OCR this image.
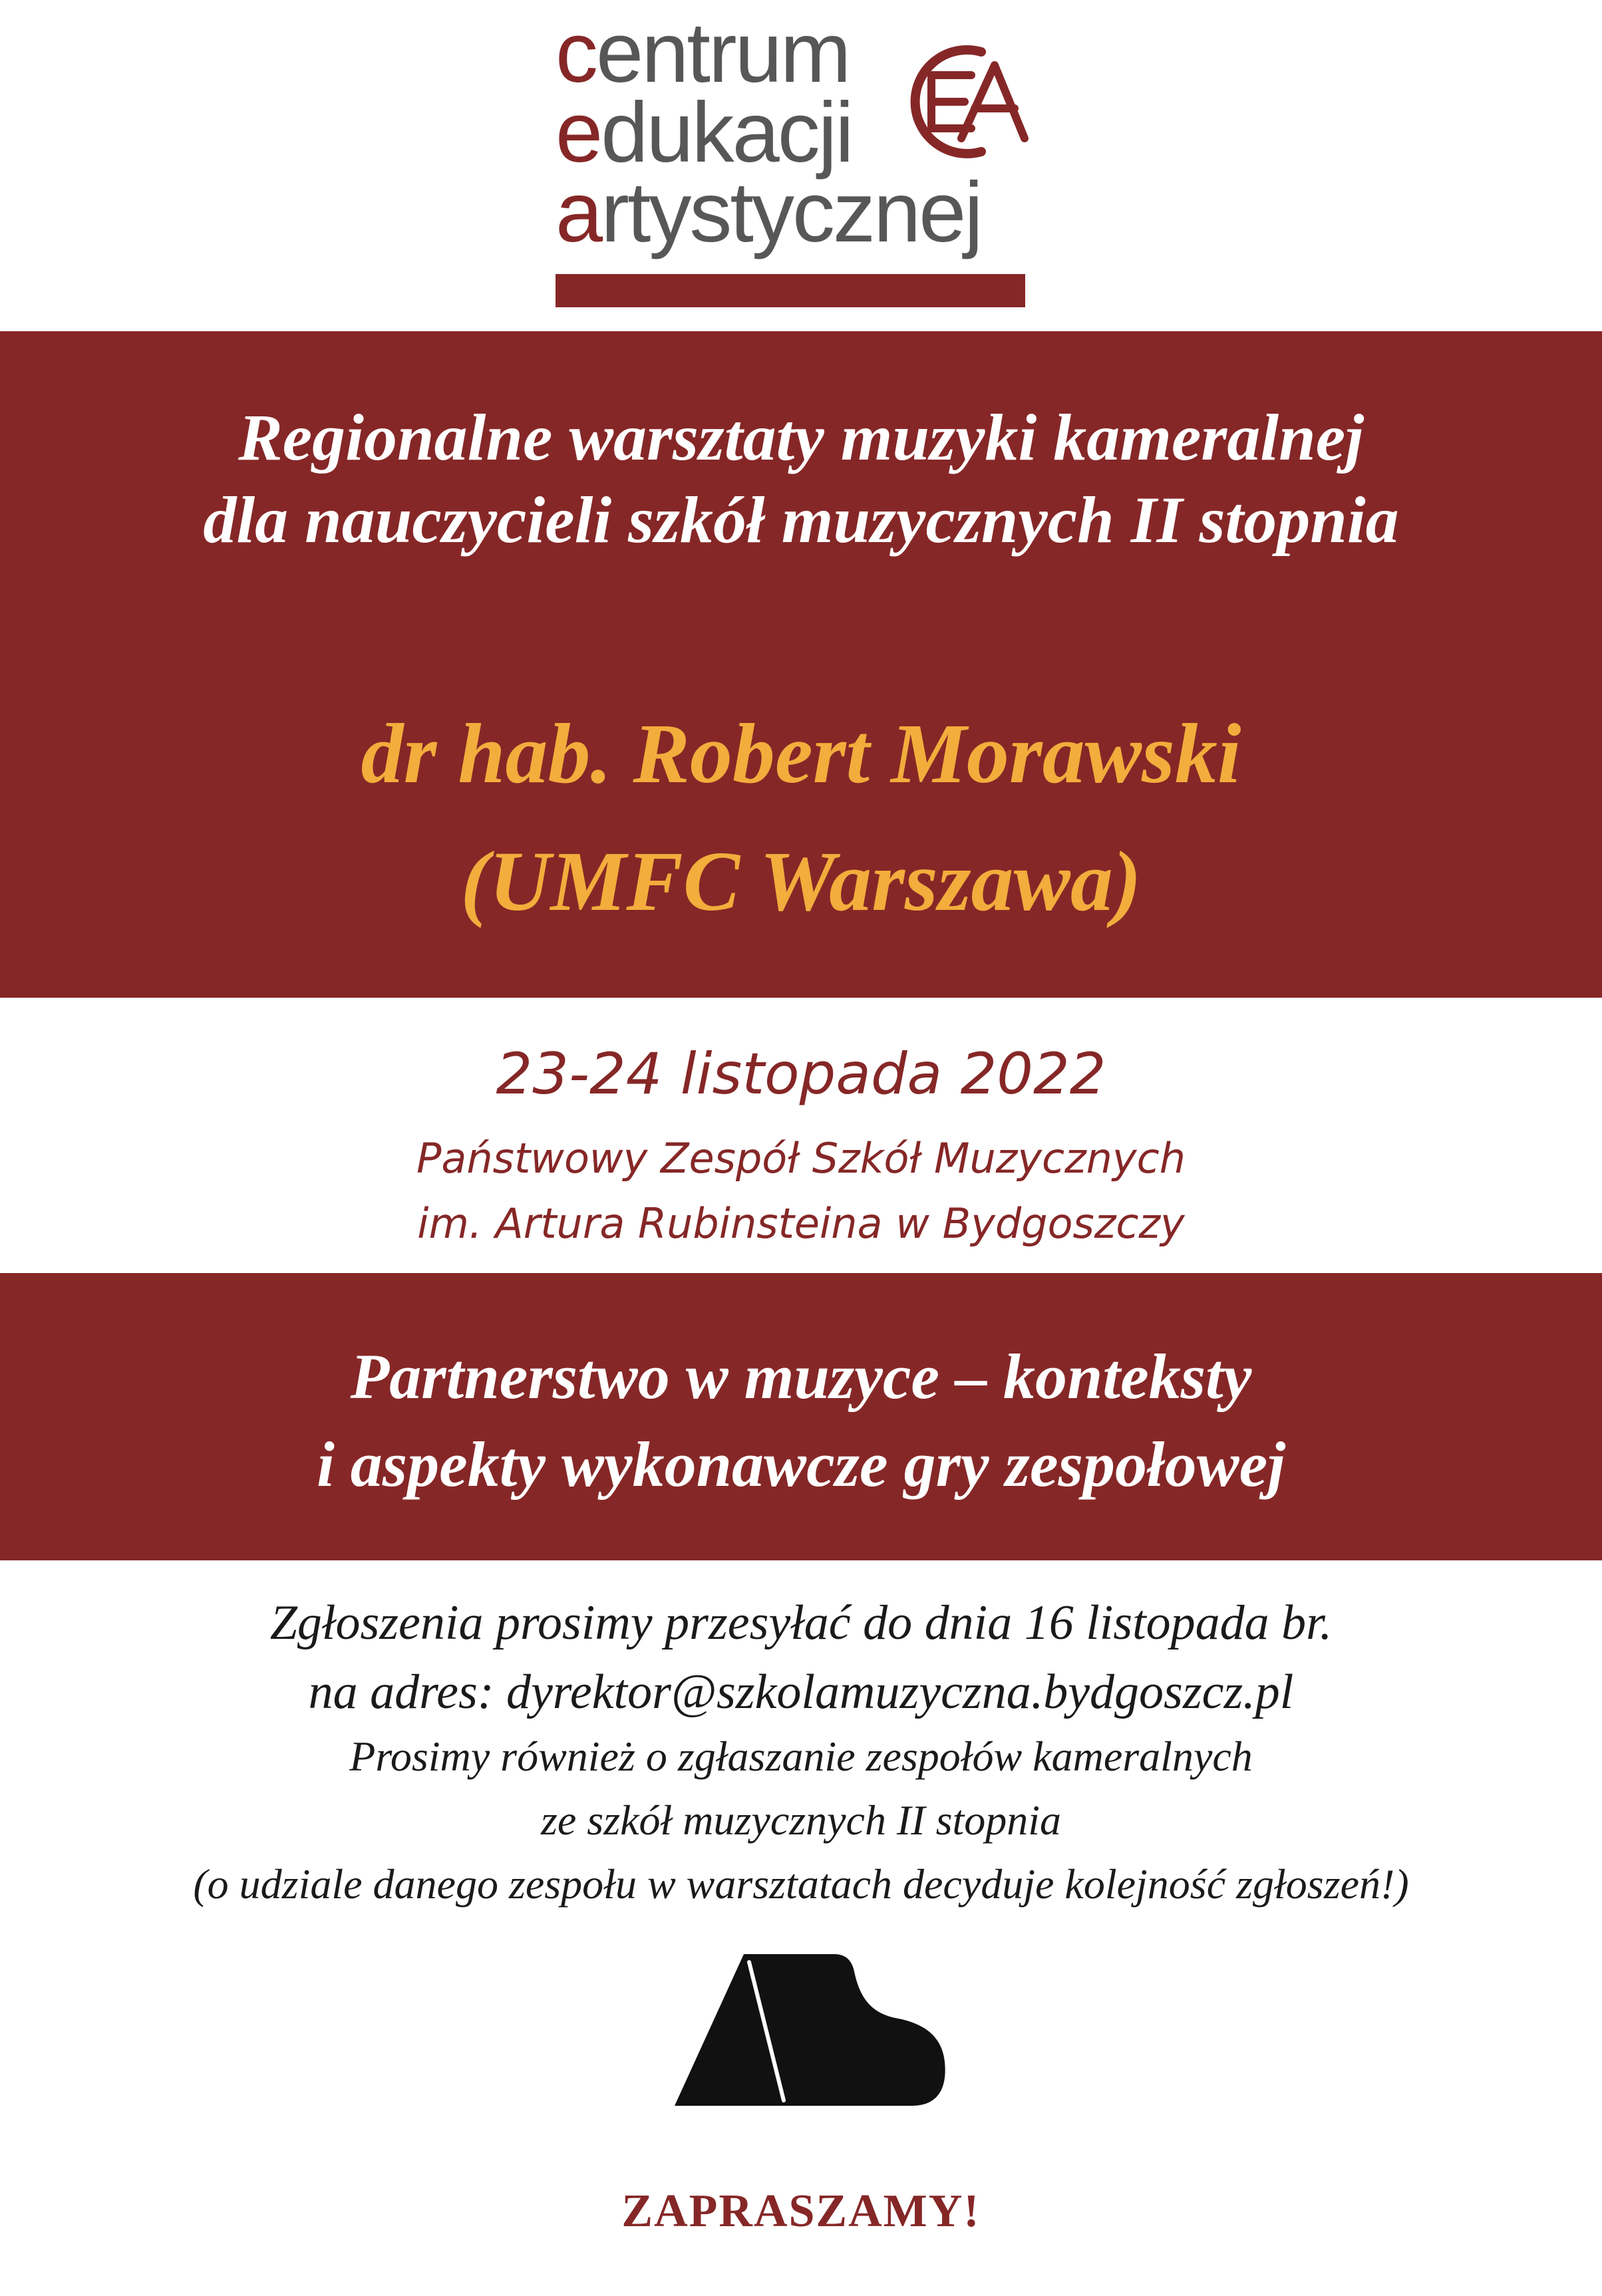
centrum
edukacji
artystycznej
Regionalne warsztaty muzyki kameralnej
dla nauczycieli szkół muzycznych II stopnia
dr hab. Robert Morawski
(UMFC Warszawa)
23-24 listopada 2022
Państwowy Zespół Szkół Muzycznych
im. Artura Rubinsteina w Bydgoszczy
Partnerstwo w muzyce – konteksty
i aspekty wykonawcze gry zespołowej
Zgłoszenia prosimy przesyłać do dnia 16 listopada br.
na adres: dyrektor@szkolamuzyczna.bydgoszcz.pl
Prosimy również o zgłaszanie zespołów kameralnych
ze szkół muzycznych II stopnia
(o udziale danego zespołu w warsztatach decyduje kolejność zgłoszeń!)
ZAPRASZAMY!
